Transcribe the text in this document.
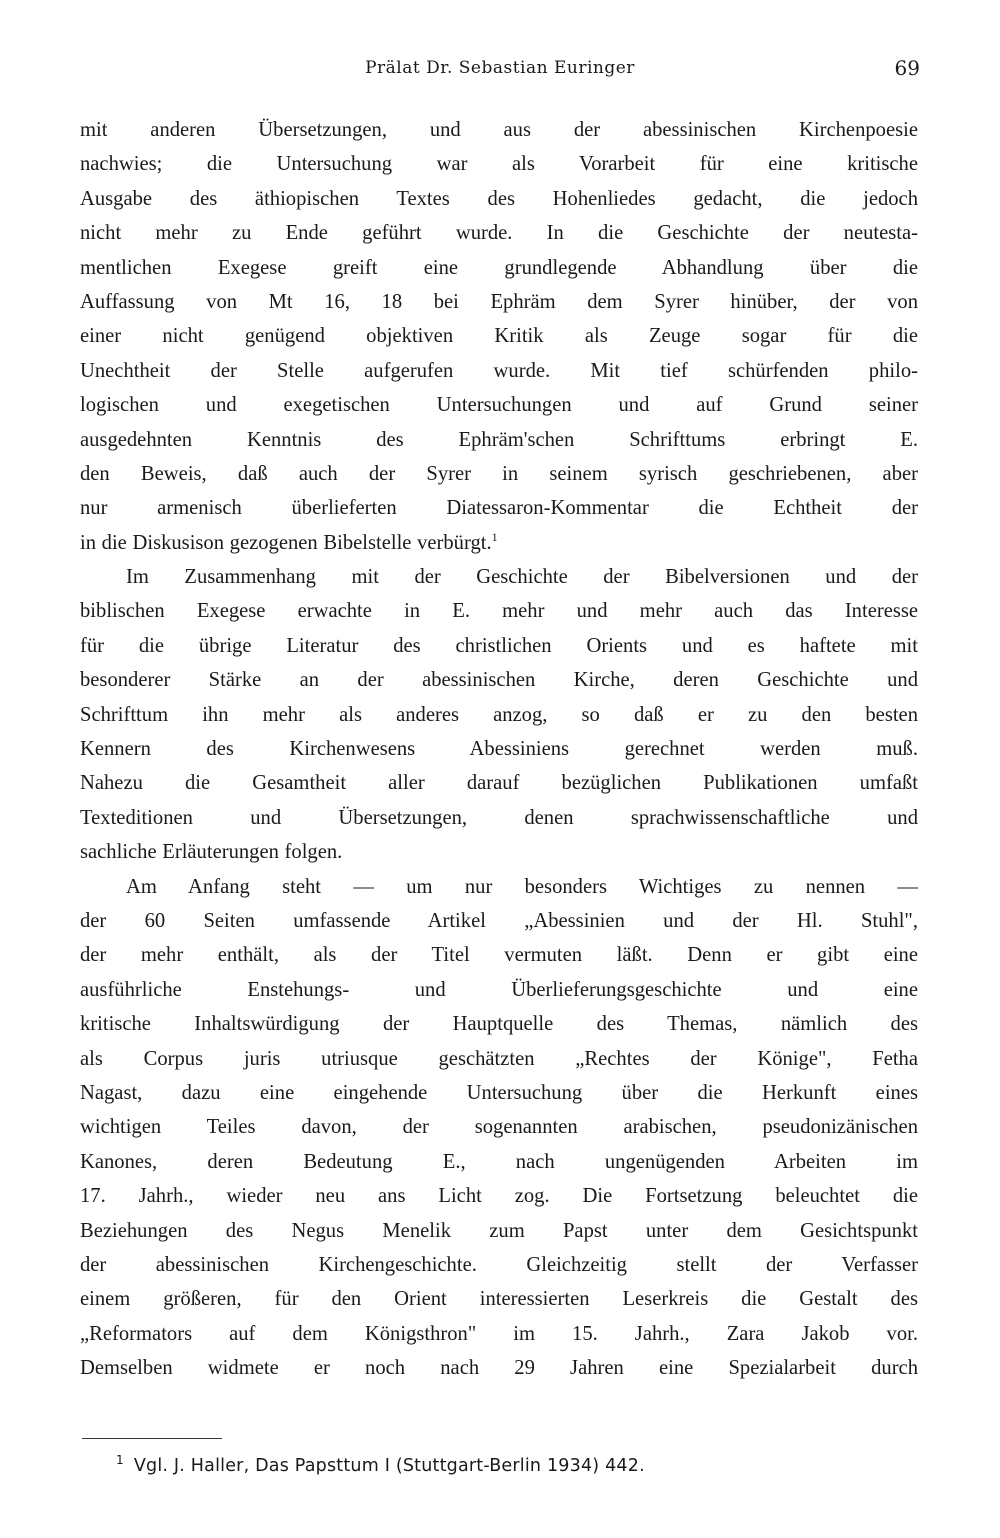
Prälat Dr. Sebastian Euringer	69
mit anderen Übersetzungen, und aus der abessinischen Kirchenpoesie
nachwies; die Untersuchung war als Vorarbeit für eine kritische
Ausgabe des äthiopischen Textes des Hohenliedes gedacht, die jedoch
nicht mehr zu Ende geführt wurde. In die Geschichte der neutesta-
mentlichen Exegese greift eine grundlegende Abhandlung über die
Auffassung von Mt 16, 18 bei Ephräm dem Syrer hinüber, der von
einer nicht genügend objektiven Kritik als Zeuge sogar für die
Unechtheit der Stelle aufgerufen wurde. Mit tief schürfenden philo-
logischen und exegetischen Untersuchungen und auf Grund seiner
ausgedehnten Kenntnis des Ephräm'schen Schrifttums erbringt E.
den Beweis, daß auch der Syrer in seinem syrisch geschriebenen, aber
nur armenisch überlieferten Diatessaron-Kommentar die Echtheit der
in die Diskusison gezogenen Bibelstelle verbürgt.$^1$
Im Zusammenhang mit der Geschichte der Bibelversionen und der
biblischen Exegese erwachte in E. mehr und mehr auch das Interesse
für die übrige Literatur des christlichen Orients und es haftete mit
besonderer Stärke an der abessinischen Kirche, deren Geschichte und
Schrifttum ihn mehr als anderes anzog, so daß er zu den besten
Kennern des Kirchenwesens Abessiniens gerechnet werden muß.
Nahezu die Gesamtheit aller darauf bezüglichen Publikationen umfaßt
Texteditionen und Übersetzungen, denen sprachwissenschaftliche und
sachliche Erläuterungen folgen.
Am Anfang steht — um nur besonders Wichtiges zu nennen —
der 60 Seiten umfassende Artikel „Abessinien und der Hl. Stuhl",
der mehr enthält, als der Titel vermuten läßt. Denn er gibt eine
ausführliche Enstehungs- und Überlieferungsgeschichte und eine
kritische Inhaltswürdigung der Hauptquelle des Themas, nämlich des
als Corpus juris utriusque geschätzten „Rechtes der Könige", Fetha
Nagast, dazu eine eingehende Untersuchung über die Herkunft eines
wichtigen Teiles davon, der sogenannten arabischen, pseudonizänischen
Kanones, deren Bedeutung E., nach ungenügenden Arbeiten im
17. Jahrh., wieder neu ans Licht zog. Die Fortsetzung beleuchtet die
Beziehungen des Negus Menelik zum Papst unter dem Gesichtspunkt
der abessinischen Kirchengeschichte. Gleichzeitig stellt der Verfasser
einem größeren, für den Orient interessierten Leserkreis die Gestalt des
„Reformators auf dem Königsthron" im 15. Jahrh., Zara Jakob vor.
Demselben widmete er noch nach 29 Jahren eine Spezialarbeit durch
$^1$ Vgl. J. Haller, Das Papsttum I (Stuttgart-Berlin 1934) 442.
